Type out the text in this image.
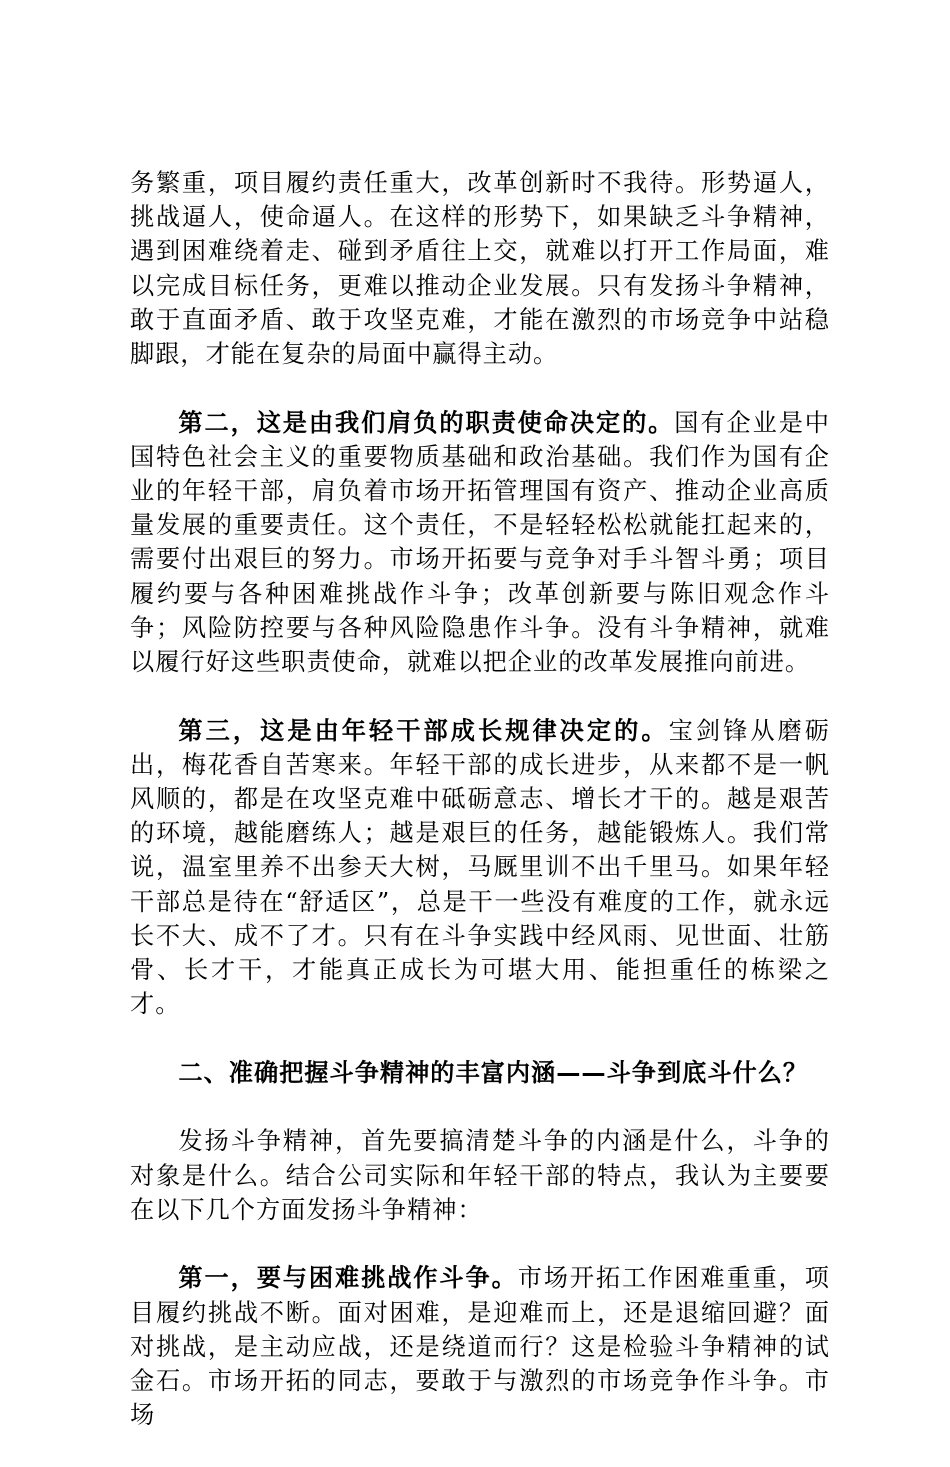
务繁重，项目履约责任重大，改革创新时不我待。形势逼人，挑战逼人，使命逼人。在这样的形势下，如果缺乏斗争精神，遇到困难绕着走、碰到矛盾往上交，就难以打开工作局面，难以完成目标任务，更难以推动企业发展。只有发扬斗争精神，敢于直面矛盾、敢于攻坚克难，才能在激烈的市场竞争中站稳脚跟，才能在复杂的局面中赢得主动。

第二，这是由我们肩负的职责使命决定的。国有企业是中国特色社会主义的重要物质基础和政治基础。我们作为国有企业的年轻干部，肩负着市场开拓管理国有资产、推动企业高质量发展的重要责任。这个责任，不是轻轻松松就能扛起来的，需要付出艰巨的努力。市场开拓要与竞争对手斗智斗勇；项目履约要与各种困难挑战作斗争；改革创新要与陈旧观念作斗争；风险防控要与各种风险隐患作斗争。没有斗争精神，就难以履行好这些职责使命，就难以把企业的改革发展推向前进。

第三，这是由年轻干部成长规律决定的。宝剑锋从磨砺出，梅花香自苦寒来。年轻干部的成长进步，从来都不是一帆风顺的，都是在攻坚克难中砥砺意志、增长才干的。越是艰苦的环境，越能磨练人；越是艰巨的任务，越能锻炼人。我们常说，温室里养不出参天大树，马厩里训不出千里马。如果年轻干部总是待在“舒适区”，总是干一些没有难度的工作，就永远长不大、成不了才。只有在斗争实践中经风雨、见世面、壮筋骨、长才干，才能真正成长为可堪大用、能担重任的栋梁之才。

二、准确把握斗争精神的丰富内涵——斗争到底斗什么？

发扬斗争精神，首先要搞清楚斗争的内涵是什么，斗争的对象是什么。结合公司实际和年轻干部的特点，我认为主要要在以下几个方面发扬斗争精神：

第一，要与困难挑战作斗争。市场开拓工作困难重重，项目履约挑战不断。面对困难，是迎难而上，还是退缩回避？面对挑战，是主动应战，还是绕道而行？这是检验斗争精神的试金石。市场开拓的同志，要敢于与激烈的市场竞争作斗争。市场
